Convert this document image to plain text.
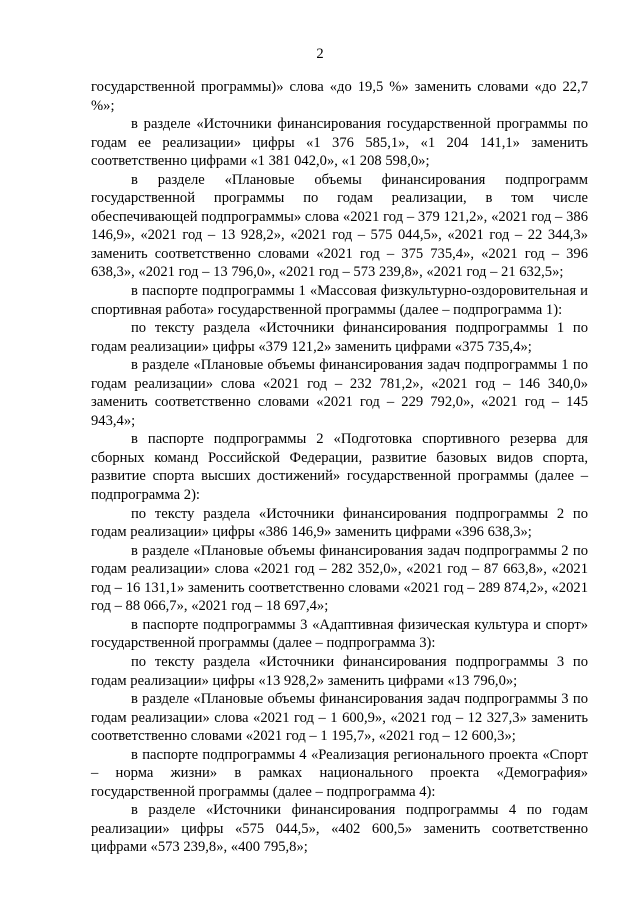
2

государственной программы)» слова «до 19,5 %» заменить словами «до 22,7 %»;

в разделе «Источники финансирования государственной программы по годам ее реализации» цифры «1 376 585,1», «1 204 141,1» заменить соответственно цифрами «1 381 042,0», «1 208 598,0»;

в разделе «Плановые объемы финансирования подпрограмм государственной программы по годам реализации, в том числе обеспечивающей подпрограммы» слова «2021 год – 379 121,2», «2021 год – 386 146,9», «2021 год – 13 928,2», «2021 год – 575 044,5», «2021 год – 22 344,3» заменить соответственно словами «2021 год – 375 735,4», «2021 год – 396 638,3», «2021 год – 13 796,0», «2021 год – 573 239,8», «2021 год – 21 632,5»;

в паспорте подпрограммы 1 «Массовая физкультурно-оздоровительная и спортивная работа» государственной программы (далее – подпрограмма 1):

по тексту раздела «Источники финансирования подпрограммы 1 по годам реализации» цифры «379 121,2» заменить цифрами «375 735,4»;

в разделе «Плановые объемы финансирования задач подпрограммы 1 по годам реализации» слова «2021 год – 232 781,2», «2021 год – 146 340,0» заменить соответственно словами «2021 год – 229 792,0», «2021 год – 145 943,4»;

в паспорте подпрограммы 2 «Подготовка спортивного резерва для сборных команд Российской Федерации, развитие базовых видов спорта, развитие спорта высших достижений» государственной программы (далее – подпрограмма 2):

по тексту раздела «Источники финансирования подпрограммы 2 по годам реализации» цифры «386 146,9» заменить цифрами «396 638,3»;

в разделе «Плановые объемы финансирования задач подпрограммы 2 по годам реализации» слова «2021 год – 282 352,0», «2021 год – 87 663,8», «2021 год – 16 131,1» заменить соответственно словами «2021 год – 289 874,2», «2021 год – 88 066,7», «2021 год – 18 697,4»;

в паспорте подпрограммы 3 «Адаптивная физическая культура и спорт» государственной программы (далее – подпрограмма 3):

по тексту раздела «Источники финансирования подпрограммы 3 по годам реализации» цифры «13 928,2» заменить цифрами «13 796,0»;

в разделе «Плановые объемы финансирования задач подпрограммы 3 по годам реализации» слова «2021 год – 1 600,9», «2021 год – 12 327,3» заменить соответственно словами «2021 год – 1 195,7», «2021 год – 12 600,3»;

в паспорте подпрограммы 4 «Реализация регионального проекта «Спорт – норма жизни» в рамках национального проекта «Демография» государственной программы (далее – подпрограмма 4):

в разделе «Источники финансирования подпрограммы 4 по годам реализации» цифры «575 044,5», «402 600,5» заменить соответственно цифрами «573 239,8», «400 795,8»;
